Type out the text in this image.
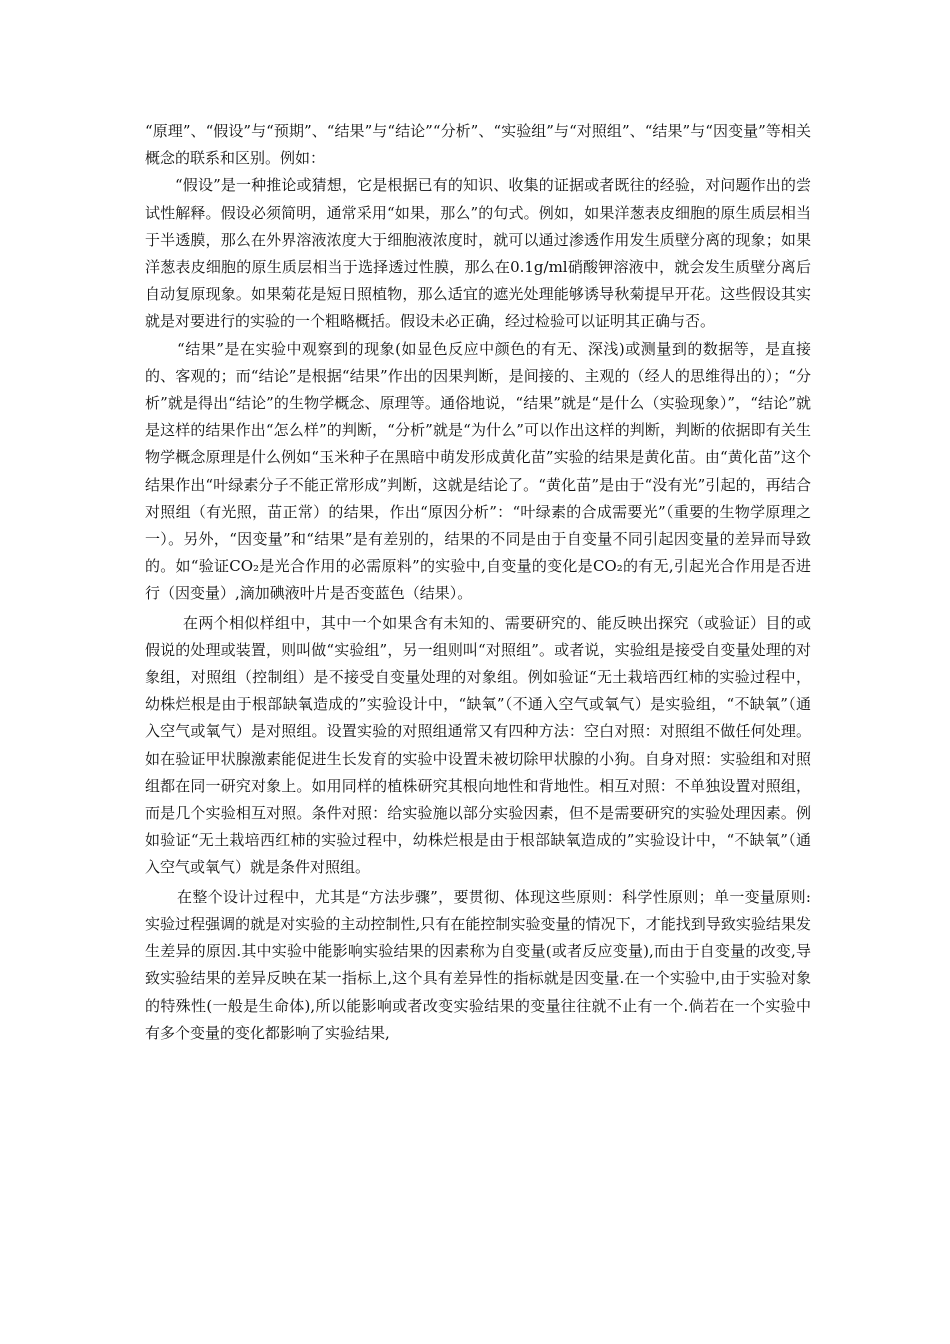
“原理”、“假设”与“预期”、“结果”与“结论”“分析”、“实验组”与“对照组”、“结果”与“因变量”等相关概念的联系和区别。例如：

“假设”是一种推论或猜想，它是根据已有的知识、收集的证据或者既往的经验，对问题作出的尝试性解释。假设必须简明，通常采用“如果，那么”的句式。例如，如果洋葱表皮细胞的原生质层相当于半透膜，那么在外界溶液浓度大于细胞液浓度时，就可以通过渗透作用发生质壁分离的现象；如果洋葱表皮细胞的原生质层相当于选择透过性膜，那么在0.1g/ml硝酸钾溶液中，就会发生质壁分离后自动复原现象。如果菊花是短日照植物，那么适宜的遮光处理能够诱导秋菊提早开花。这些假设其实就是对要进行的实验的一个粗略概括。假设未必正确，经过检验可以证明其正确与否。

“结果”是在实验中观察到的现象(如显色反应中颜色的有无、深浅)或测量到的数据等，是直接的、客观的；而“结论”是根据“结果”作出的因果判断，是间接的、主观的（经人的思维得出的）；“分析”就是得出“结论”的生物学概念、原理等。通俗地说，“结果”就是“是什么（实验现象）”，“结论”就是这样的结果作出“怎么样”的判断，“分析”就是“为什么”可以作出这样的判断，判断的依据即有关生物学概念原理是什么例如“玉米种子在黑暗中萌发形成黄化苗”实验的结果是黄化苗。由“黄化苗”这个结果作出“叶绿素分子不能正常形成”判断，这就是结论了。“黄化苗”是由于“没有光”引起的，再结合对照组（有光照，苗正常）的结果，作出“原因分析”：“叶绿素的合成需要光”（重要的生物学原理之一）。另外，“因变量”和“结果”是有差别的，结果的不同是由于自变量不同引起因变量的差异而导致的。如“验证CO₂是光合作用的必需原料”的实验中,自变量的变化是CO₂的有无,引起光合作用是否进行（因变量）,滴加碘液叶片是否变蓝色（结果）。

在两个相似样组中，其中一个如果含有未知的、需要研究的、能反映出探究（或验证）目的或假说的处理或装置，则叫做“实验组”，另一组则叫“对照组”。或者说，实验组是接受自变量处理的对象组，对照组（控制组）是不接受自变量处理的对象组。例如验证“无土栽培西红柿的实验过程中，幼株烂根是由于根部缺氧造成的”实验设计中，“缺氧”（不通入空气或氧气）是实验组，“不缺氧”（通入空气或氧气）是对照组。设置实验的对照组通常又有四种方法：空白对照：对照组不做任何处理。如在验证甲状腺激素能促进生长发育的实验中设置未被切除甲状腺的小狗。自身对照：实验组和对照组都在同一研究对象上。如用同样的植株研究其根向地性和背地性。相互对照：不单独设置对照组，而是几个实验相互对照。条件对照：给实验施以部分实验因素，但不是需要研究的实验处理因素。例如验证“无土栽培西红柿的实验过程中，幼株烂根是由于根部缺氧造成的”实验设计中，“不缺氧”（通入空气或氧气）就是条件对照组。

在整个设计过程中，尤其是“方法步骤”，要贯彻、体现这些原则：科学性原则；单一变量原则:实验过程强调的就是对实验的主动控制性,只有在能控制实验变量的情况下，才能找到导致实验结果发生差异的原因.其中实验中能影响实验结果的因素称为自变量(或者反应变量),而由于自变量的改变,导致实验结果的差异反映在某一指标上,这个具有差异性的指标就是因变量.在一个实验中,由于实验对象的特殊性(一般是生命体),所以能影响或者改变实验结果的变量往往就不止有一个.倘若在一个实验中有多个变量的变化都影响了实验结果,
